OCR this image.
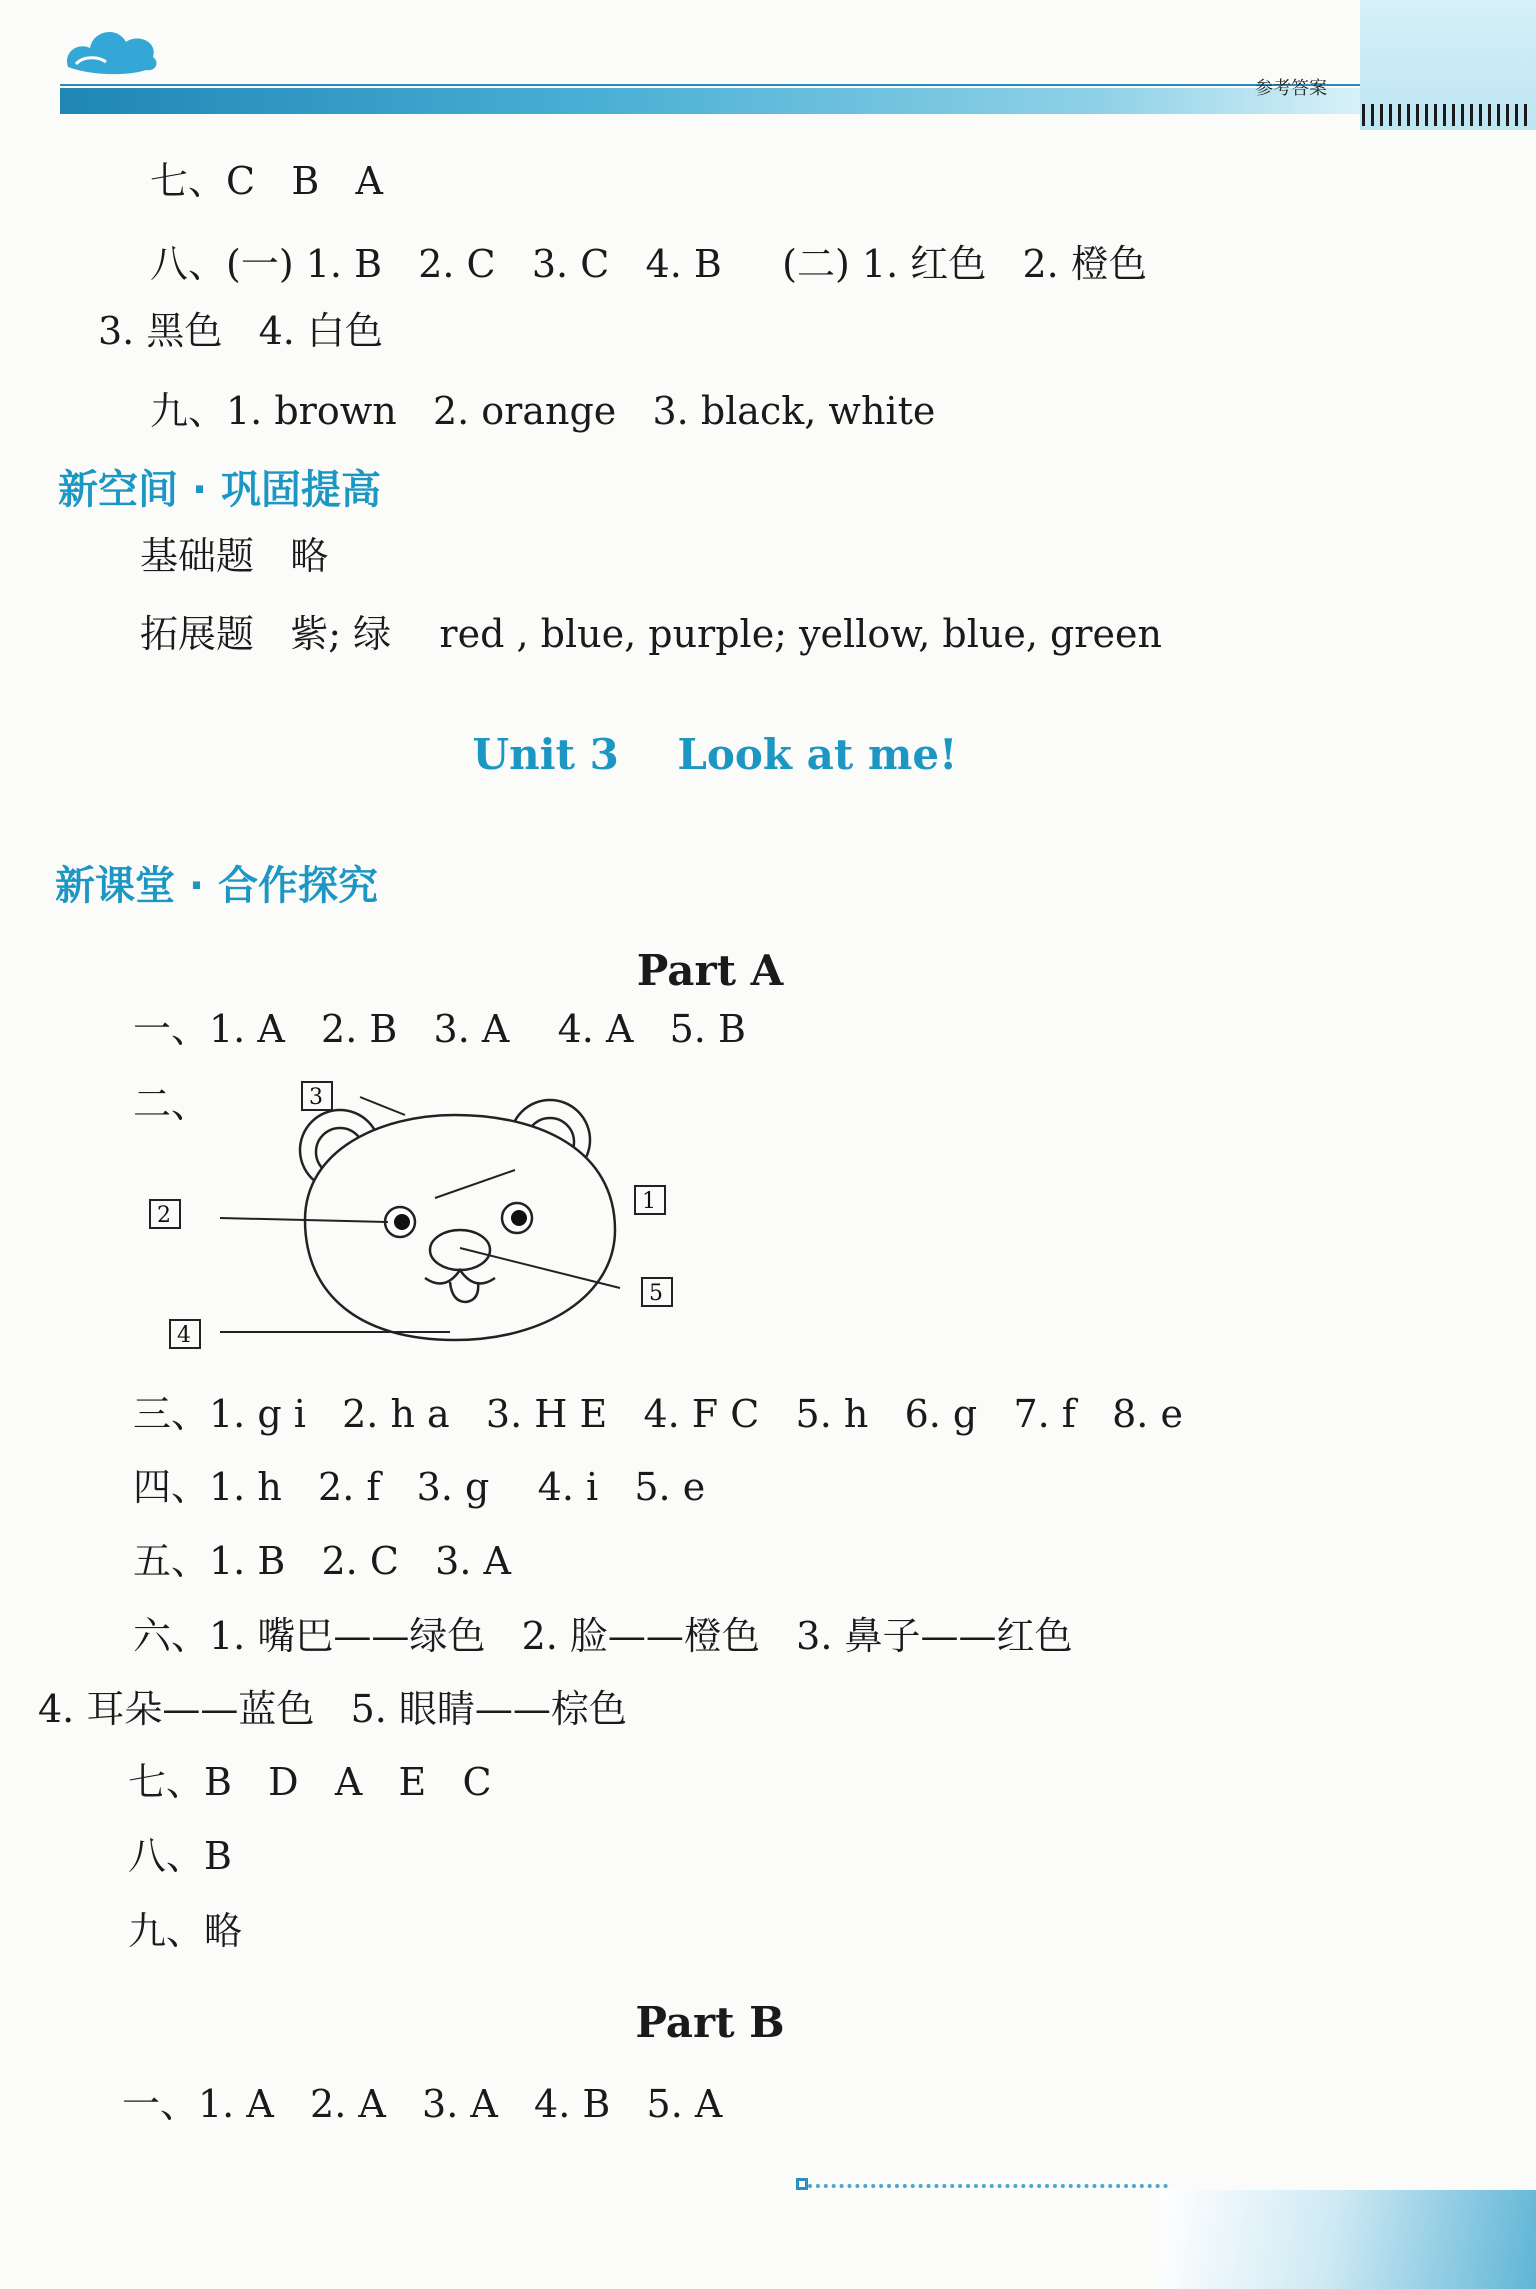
参考答案
七、C   B   A
八、(一) 1. B   2. C   3. C   4. B     (二) 1. 红色   2. 橙色
3. 黑色   4. 白色
九、1. brown   2. orange   3. black, white
基础题   略
拓展题   紫; 绿    red , blue, purple; yellow, blue, green
一、1. A   2. B   3. A    4. A   5. B
二、
三、1. g i   2. h a   3. H E   4. F C   5. h   6. g   7. f   8. e
四、1. h   2. f   3. g    4. i   5. e
五、1. B   2. C   3. A
六、1. 嘴巴——绿色   2. 脸——橙色   3. 鼻子——红色
4. 耳朵——蓝色   5. 眼睛——棕色
七、B   D   A   E   C
八、B
九、略
一、1. A   2. A   3. A   4. B   5. A
新空间 · 巩固提高
新课堂 · 合作探究
Unit 3    Look at me!
Part A
Part B
3
2
1
5
4
